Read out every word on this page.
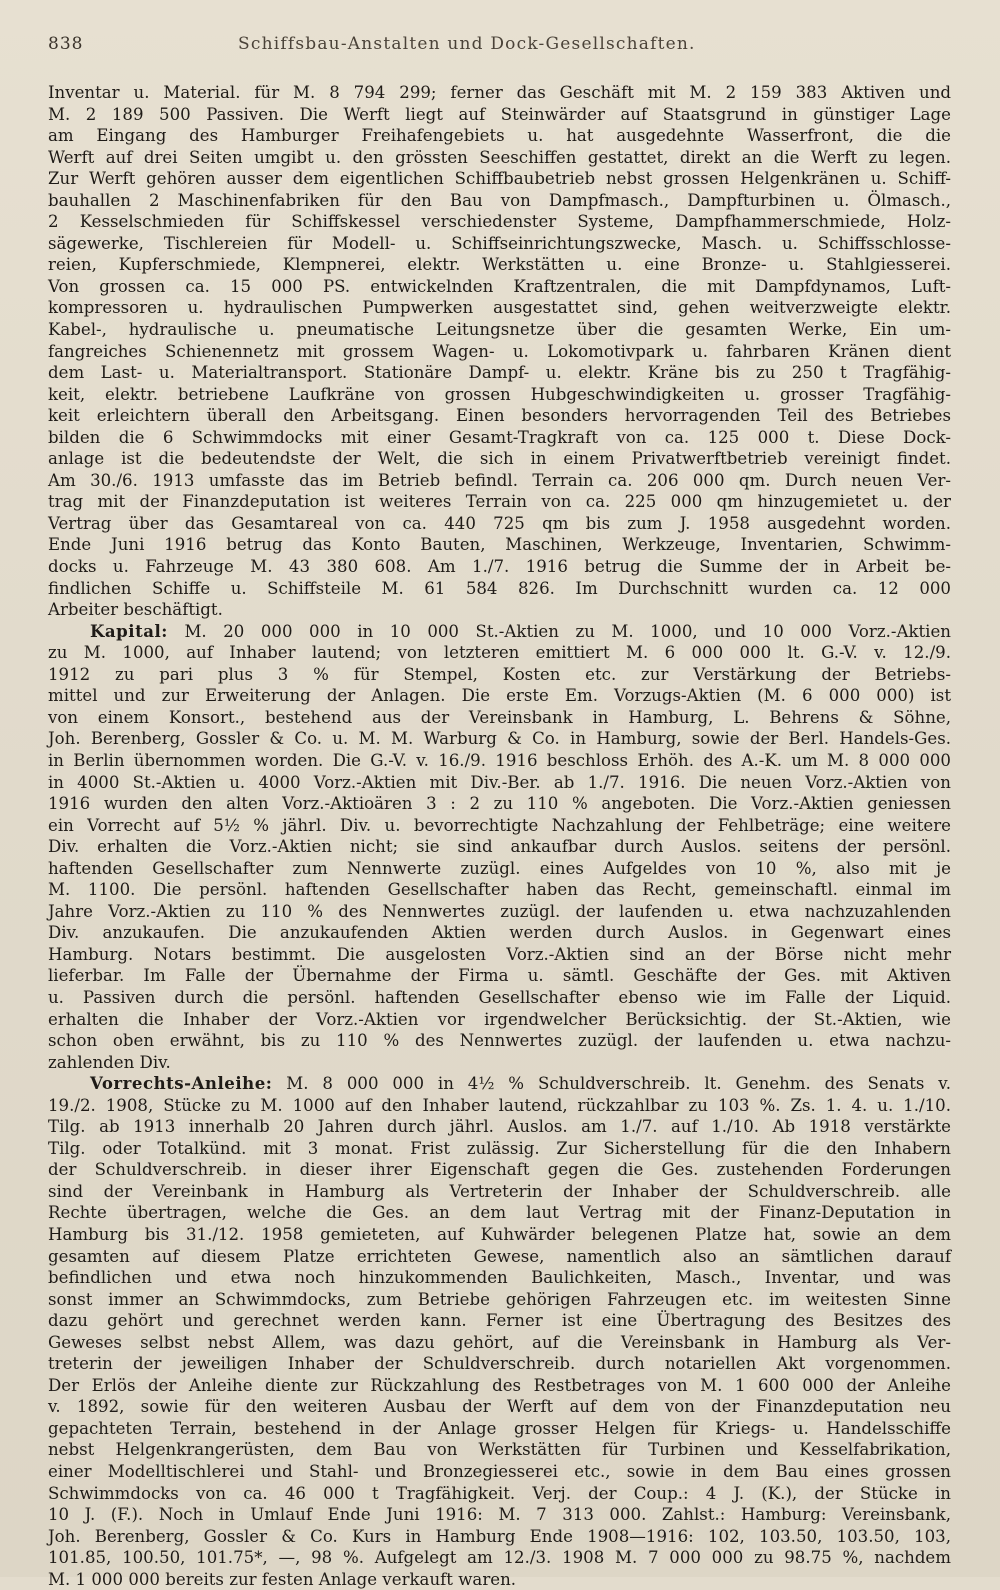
838	Schiffsbau-Anstalten und Dock-Gesellschaften.
Inventar u. Material. für M. 8 794 299; ferner das Geschäft mit M. 2 159 383 Aktiven und
M. 2 189 500 Passiven. Die Werft liegt auf Steinwärder auf Staatsgrund in günstiger Lage
am Eingang des Hamburger Freihafengebiets u. hat ausgedehnte Wasserfront, die die
Werft auf drei Seiten umgibt u. den grössten Seeschiffen gestattet, direkt an die Werft zu legen.
Zur Werft gehören ausser dem eigentlichen Schiffbaubetrieb nebst grossen Helgenkränen u. Schiff-
bauhallen 2 Maschinenfabriken für den Bau von Dampfmasch., Dampfturbinen u. Ölmasch.,
2 Kesselschmieden für Schiffskessel verschiedenster Systeme, Dampfhammerschmiede, Holz-
sägewerke, Tischlereien für Modell- u. Schiffseinrichtungszwecke, Masch. u. Schiffsschlosse-
reien, Kupferschmiede, Klempnerei, elektr. Werkstätten u. eine Bronze- u. Stahlgiesserei.
Von grossen ca. 15 000 PS. entwickelnden Kraftzentralen, die mit Dampfdynamos, Luft-
kompressoren u. hydraulischen Pumpwerken ausgestattet sind, gehen weitverzweigte elektr.
Kabel-, hydraulische u. pneumatische Leitungsnetze über die gesamten Werke, Ein um-
fangreiches Schienennetz mit grossem Wagen- u. Lokomotivpark u. fahrbaren Kränen dient
dem Last- u. Materialtransport. Stationäre Dampf- u. elektr. Kräne bis zu 250 t Tragfähig-
keit, elektr. betriebene Laufkräne von grossen Hubgeschwindigkeiten u. grosser Tragfähig-
keit erleichtern überall den Arbeitsgang. Einen besonders hervorragenden Teil des Betriebes
bilden die 6 Schwimmdocks mit einer Gesamt-Tragkraft von ca. 125 000 t. Diese Dock-
anlage ist die bedeutendste der Welt, die sich in einem Privatwerftbetrieb vereinigt findet.
Am 30./6. 1913 umfasste das im Betrieb befindl. Terrain ca. 206 000 qm. Durch neuen Ver-
trag mit der Finanzdeputation ist weiteres Terrain von ca. 225 000 qm hinzugemietet u. der
Vertrag über das Gesamtareal von ca. 440 725 qm bis zum J. 1958 ausgedehnt worden.
Ende Juni 1916 betrug das Konto Bauten, Maschinen, Werkzeuge, Inventarien, Schwimm-
docks u. Fahrzeuge M. 43 380 608. Am 1./7. 1916 betrug die Summe der in Arbeit be-
findlichen Schiffe u. Schiffsteile M. 61 584 826. Im Durchschnitt wurden ca. 12 000
Arbeiter beschäftigt.
Kapital: M. 20 000 000 in 10 000 St.-Aktien zu M. 1000, und 10 000 Vorz.-Aktien
zu M. 1000, auf Inhaber lautend; von letzteren emittiert M. 6 000 000 lt. G.-V. v. 12./9.
1912 zu pari plus 3 % für Stempel, Kosten etc. zur Verstärkung der Betriebs-
mittel und zur Erweiterung der Anlagen. Die erste Em. Vorzugs-Aktien (M. 6 000 000) ist
von einem Konsort., bestehend aus der Vereinsbank in Hamburg, L. Behrens & Söhne,
Joh. Berenberg, Gossler & Co. u. M. M. Warburg & Co. in Hamburg, sowie der Berl. Handels-Ges.
in Berlin übernommen worden. Die G.-V. v. 16./9. 1916 beschloss Erhöh. des A.-K. um M. 8 000 000
in 4000 St.-Aktien u. 4000 Vorz.-Aktien mit Div.-Ber. ab 1./7. 1916. Die neuen Vorz.-Aktien von
1916 wurden den alten Vorz.-Aktioären 3 : 2 zu 110 % angeboten. Die Vorz.-Aktien geniessen
ein Vorrecht auf 5½ % jährl. Div. u. bevorrechtigte Nachzahlung der Fehlbeträge; eine weitere
Div. erhalten die Vorz.-Aktien nicht; sie sind ankaufbar durch Auslos. seitens der persönl.
haftenden Gesellschafter zum Nennwerte zuzügl. eines Aufgeldes von 10 %, also mit je
M. 1100. Die persönl. haftenden Gesellschafter haben das Recht, gemeinschaftl. einmal im
Jahre Vorz.-Aktien zu 110 % des Nennwertes zuzügl. der laufenden u. etwa nachzuzahlenden
Div. anzukaufen. Die anzukaufenden Aktien werden durch Auslos. in Gegenwart eines
Hamburg. Notars bestimmt. Die ausgelosten Vorz.-Aktien sind an der Börse nicht mehr
lieferbar. Im Falle der Übernahme der Firma u. sämtl. Geschäfte der Ges. mit Aktiven
u. Passiven durch die persönl. haftenden Gesellschafter ebenso wie im Falle der Liquid.
erhalten die Inhaber der Vorz.-Aktien vor irgendwelcher Berücksichtig. der St.-Aktien, wie
schon oben erwähnt, bis zu 110 % des Nennwertes zuzügl. der laufenden u. etwa nachzu-
zahlenden Div.
Vorrechts-Anleihe: M. 8 000 000 in 4½ % Schuldverschreib. lt. Genehm. des Senats v.
19./2. 1908, Stücke zu M. 1000 auf den Inhaber lautend, rückzahlbar zu 103 %. Zs. 1. 4. u. 1./10.
Tilg. ab 1913 innerhalb 20 Jahren durch jährl. Auslos. am 1./7. auf 1./10. Ab 1918 verstärkte
Tilg. oder Totalkünd. mit 3 monat. Frist zulässig. Zur Sicherstellung für die den Inhabern
der Schuldverschreib. in dieser ihrer Eigenschaft gegen die Ges. zustehenden Forderungen
sind der Vereinbank in Hamburg als Vertreterin der Inhaber der Schuldverschreib. alle
Rechte übertragen, welche die Ges. an dem laut Vertrag mit der Finanz-Deputation in
Hamburg bis 31./12. 1958 gemieteten, auf Kuhwärder belegenen Platze hat, sowie an dem
gesamten auf diesem Platze errichteten Gewese, namentlich also an sämtlichen darauf
befindlichen und etwa noch hinzukommenden Baulichkeiten, Masch., Inventar, und was
sonst immer an Schwimmdocks, zum Betriebe gehörigen Fahrzeugen etc. im weitesten Sinne
dazu gehört und gerechnet werden kann. Ferner ist eine Übertragung des Besitzes des
Geweses selbst nebst Allem, was dazu gehört, auf die Vereinsbank in Hamburg als Ver-
treterin der jeweiligen Inhaber der Schuldverschreib. durch notariellen Akt vorgenommen.
Der Erlös der Anleihe diente zur Rückzahlung des Restbetrages von M. 1 600 000 der Anleihe
v. 1892, sowie für den weiteren Ausbau der Werft auf dem von der Finanzdeputation neu
gepachteten Terrain, bestehend in der Anlage grosser Helgen für Kriegs- u. Handelsschiffe
nebst Helgenkrangerüsten, dem Bau von Werkstätten für Turbinen und Kesselfabrikation,
einer Modelltischlerei und Stahl- und Bronzegiesserei etc., sowie in dem Bau eines grossen
Schwimmdocks von ca. 46 000 t Tragfähigkeit. Verj. der Coup.: 4 J. (K.), der Stücke in
10 J. (F.). Noch in Umlauf Ende Juni 1916: M. 7 313 000. Zahlst.: Hamburg: Vereinsbank,
Joh. Berenberg, Gossler & Co. Kurs in Hamburg Ende 1908—1916: 102, 103.50, 103.50, 103,
101.85, 100.50, 101.75*, —, 98 %. Aufgelegt am 12./3. 1908 M. 7 000 000 zu 98.75 %, nachdem
M. 1 000 000 bereits zur festen Anlage verkauft waren.
